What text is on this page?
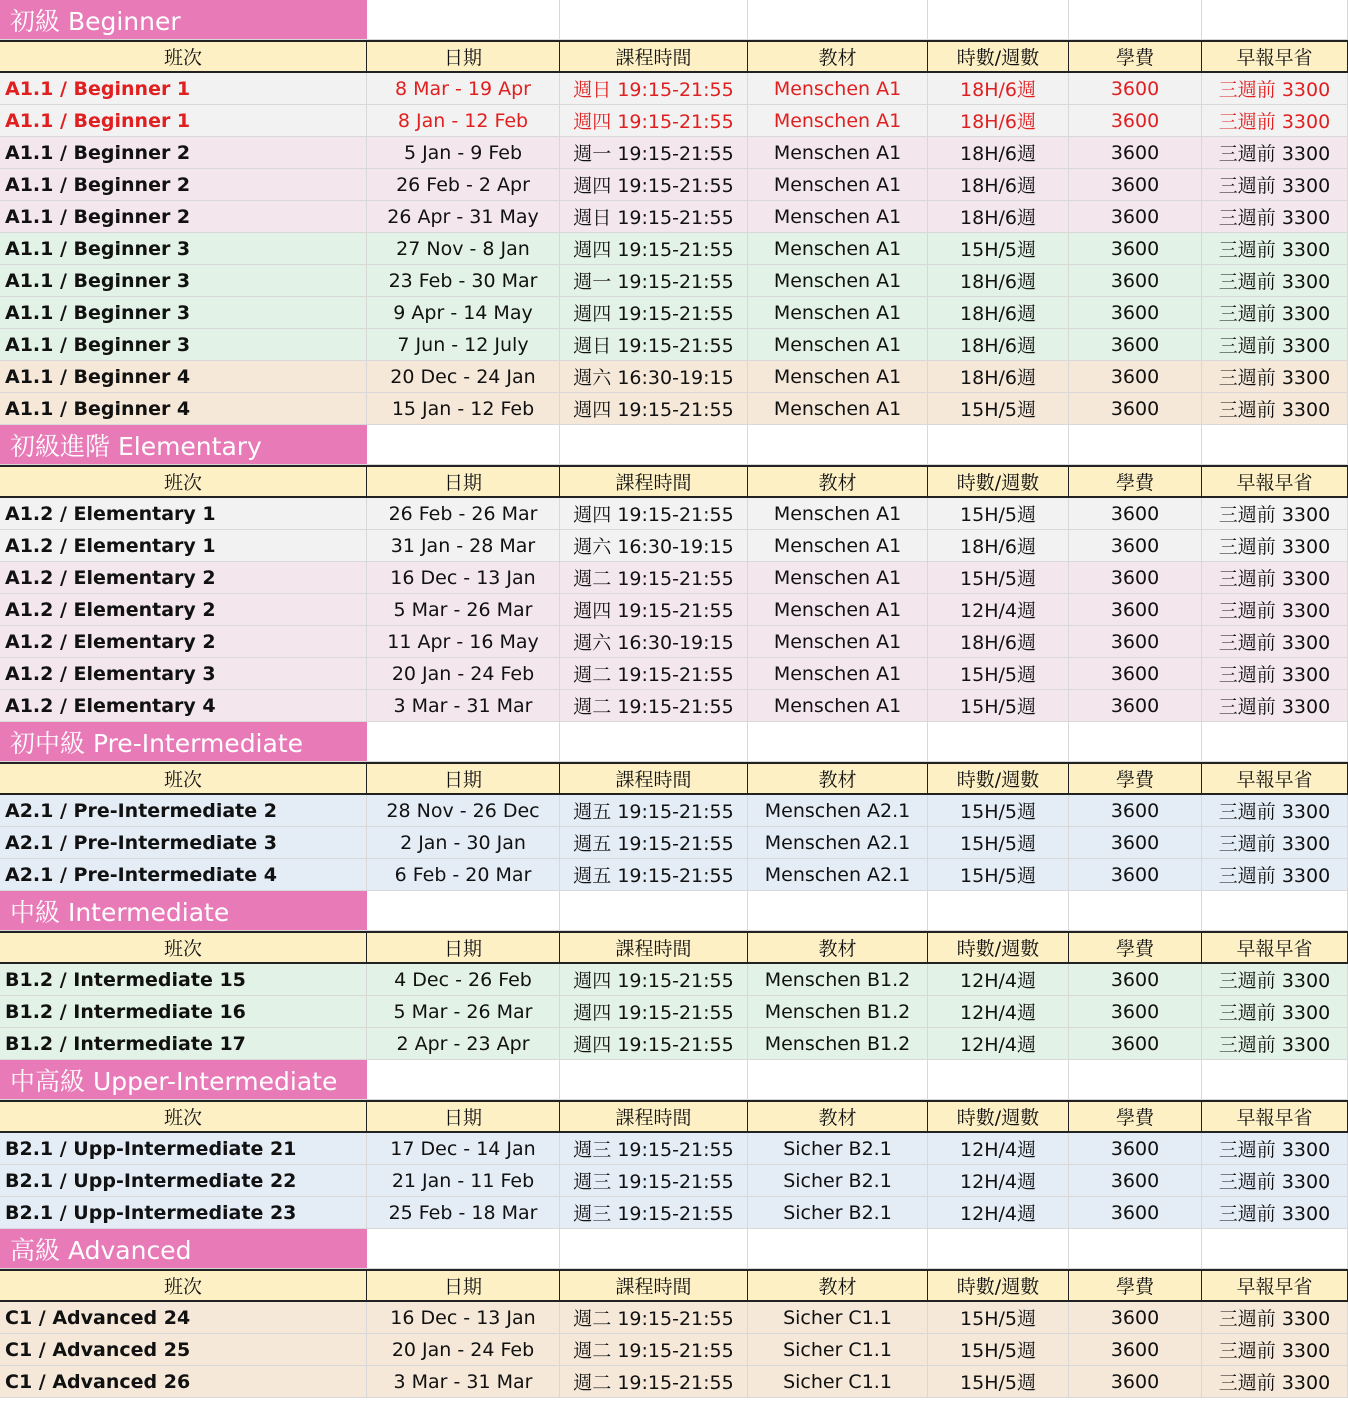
初級 Beginner
班次	日期	課程時間	教材	時數/週數	學費	早報早省
A1.1 / Beginner 1	8 Mar - 19 Apr	週日 19:15-21:55	Menschen A1	18H/6週	3600	三週前 3300
A1.1 / Beginner 1	8 Jan - 12 Feb	週四 19:15-21:55	Menschen A1	18H/6週	3600	三週前 3300
A1.1 / Beginner 2	5 Jan - 9 Feb	週一 19:15-21:55	Menschen A1	18H/6週	3600	三週前 3300
A1.1 / Beginner 2	26 Feb - 2 Apr	週四 19:15-21:55	Menschen A1	18H/6週	3600	三週前 3300
A1.1 / Beginner 2	26 Apr - 31 May	週日 19:15-21:55	Menschen A1	18H/6週	3600	三週前 3300
A1.1 / Beginner 3	27 Nov - 8 Jan	週四 19:15-21:55	Menschen A1	15H/5週	3600	三週前 3300
A1.1 / Beginner 3	23 Feb - 30 Mar	週一 19:15-21:55	Menschen A1	18H/6週	3600	三週前 3300
A1.1 / Beginner 3	9 Apr - 14 May	週四 19:15-21:55	Menschen A1	18H/6週	3600	三週前 3300
A1.1 / Beginner 3	7 Jun - 12 July	週日 19:15-21:55	Menschen A1	18H/6週	3600	三週前 3300
A1.1 / Beginner 4	20 Dec - 24 Jan	週六 16:30-19:15	Menschen A1	18H/6週	3600	三週前 3300
A1.1 / Beginner 4	15 Jan - 12 Feb	週四 19:15-21:55	Menschen A1	15H/5週	3600	三週前 3300
初級進階 Elementary
班次	日期	課程時間	教材	時數/週數	學費	早報早省
A1.2 / Elementary 1	26 Feb - 26 Mar	週四 19:15-21:55	Menschen A1	15H/5週	3600	三週前 3300
A1.2 / Elementary 1	31 Jan - 28 Mar	週六 16:30-19:15	Menschen A1	18H/6週	3600	三週前 3300
A1.2 / Elementary 2	16 Dec - 13 Jan	週二 19:15-21:55	Menschen A1	15H/5週	3600	三週前 3300
A1.2 / Elementary 2	5 Mar - 26 Mar	週四 19:15-21:55	Menschen A1	12H/4週	3600	三週前 3300
A1.2 / Elementary 2	11 Apr - 16 May	週六 16:30-19:15	Menschen A1	18H/6週	3600	三週前 3300
A1.2 / Elementary 3	20 Jan - 24 Feb	週二 19:15-21:55	Menschen A1	15H/5週	3600	三週前 3300
A1.2 / Elementary 4	3 Mar - 31 Mar	週二 19:15-21:55	Menschen A1	15H/5週	3600	三週前 3300
初中級 Pre-Intermediate
班次	日期	課程時間	教材	時數/週數	學費	早報早省
A2.1 / Pre-Intermediate 2	28 Nov - 26 Dec	週五 19:15-21:55	Menschen A2.1	15H/5週	3600	三週前 3300
A2.1 / Pre-Intermediate 3	2 Jan - 30 Jan	週五 19:15-21:55	Menschen A2.1	15H/5週	3600	三週前 3300
A2.1 / Pre-Intermediate 4	6 Feb - 20 Mar	週五 19:15-21:55	Menschen A2.1	15H/5週	3600	三週前 3300
中級 Intermediate
班次	日期	課程時間	教材	時數/週數	學費	早報早省
B1.2 / Intermediate 15	4 Dec - 26 Feb	週四 19:15-21:55	Menschen B1.2	12H/4週	3600	三週前 3300
B1.2 / Intermediate 16	5 Mar - 26 Mar	週四 19:15-21:55	Menschen B1.2	12H/4週	3600	三週前 3300
B1.2 / Intermediate 17	2 Apr - 23 Apr	週四 19:15-21:55	Menschen B1.2	12H/4週	3600	三週前 3300
中高級 Upper-Intermediate
班次	日期	課程時間	教材	時數/週數	學費	早報早省
B2.1 / Upp-Intermediate 21	17 Dec - 14 Jan	週三 19:15-21:55	Sicher B2.1	12H/4週	3600	三週前 3300
B2.1 / Upp-Intermediate 22	21 Jan - 11 Feb	週三 19:15-21:55	Sicher B2.1	12H/4週	3600	三週前 3300
B2.1 / Upp-Intermediate 23	25 Feb - 18 Mar	週三 19:15-21:55	Sicher B2.1	12H/4週	3600	三週前 3300
高級 Advanced
班次	日期	課程時間	教材	時數/週數	學費	早報早省
C1 / Advanced 24	16 Dec - 13 Jan	週二 19:15-21:55	Sicher C1.1	15H/5週	3600	三週前 3300
C1 / Advanced 25	20 Jan - 24 Feb	週二 19:15-21:55	Sicher C1.1	15H/5週	3600	三週前 3300
C1 / Advanced 26	3 Mar - 31 Mar	週二 19:15-21:55	Sicher C1.1	15H/5週	3600	三週前 3300
